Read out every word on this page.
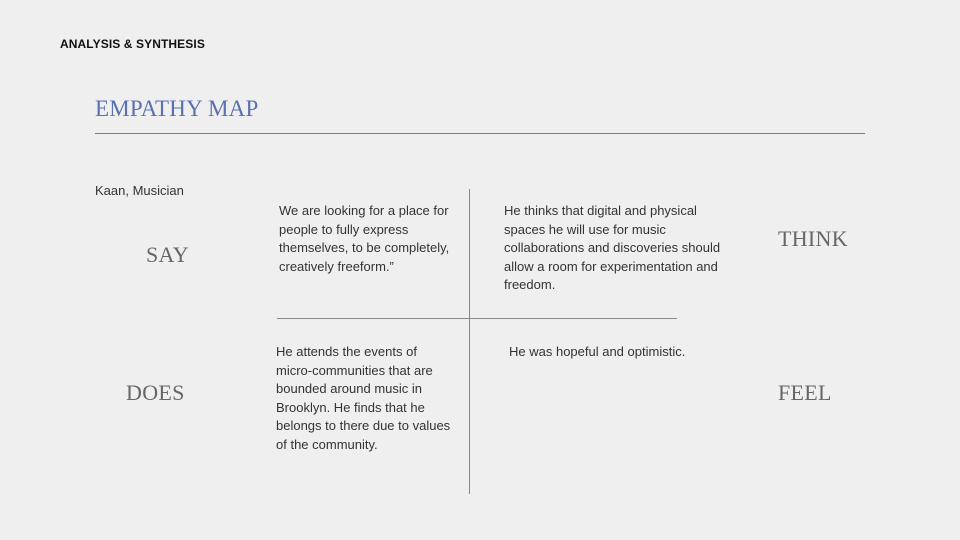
ANALYSIS & SYNTHESIS
EMPATHY MAP
Kaan, Musician
SAY
We are looking for a place for people to fully express themselves, to be completely, creatively freeform.”
THINK
He thinks that digital and physical spaces he will use for music collaborations and discoveries should allow a room for experimentation and freedom.
DOES
He attends the events of micro-communities that are bounded around music in Brooklyn. He finds that he belongs to there due to values of the community.
FEEL
He was hopeful and optimistic.
